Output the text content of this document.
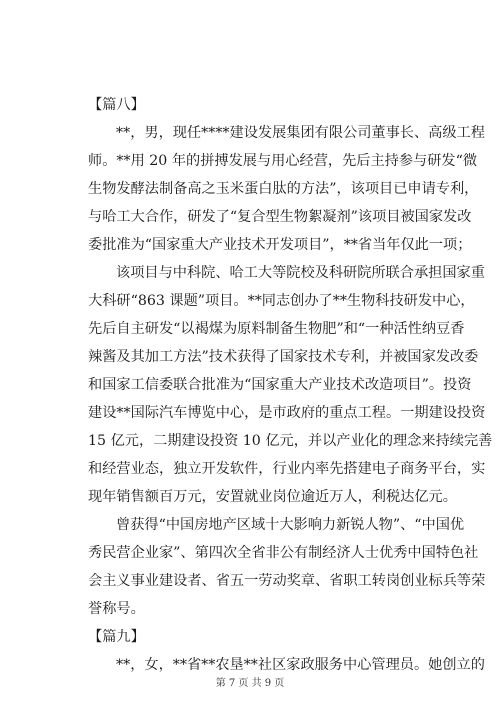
【篇八】
**，男，现任****建设发展集团有限公司董事长、高级工程
师。**用 20 年的拼搏发展与用心经营，先后主持参与研发“微
生物发酵法制备高之玉米蛋白肽的方法”，该项目已申请专利，
与哈工大合作，研发了“复合型生物絮凝剂”该项目被国家发改
委批准为“国家重大产业技术开发项目”，**省当年仅此一项；
该项目与中科院、哈工大等院校及科研院所联合承担国家重
大科研“863 课题”项目。**同志创办了**生物科技研发中心，
先后自主研发“以褐煤为原料制备生物肥”和“一种活性纳豆香
辣酱及其加工方法”技术获得了国家技术专利，并被国家发改委
和国家工信委联合批准为“国家重大产业技术改造项目”。投资
建设**国际汽车博览中心，是市政府的重点工程。一期建设投资
15 亿元，二期建设投资 10 亿元，并以产业化的理念来持续完善
和经营业态，独立开发软件，行业内率先搭建电子商务平台，实
现年销售额百万元，安置就业岗位逾近万人，利税达亿元。
曾获得“中国房地产区域十大影响力新锐人物”、“中国优
秀民营企业家”、第四次全省非公有制经济人士优秀中国特色社
会主义事业建设者、省五一劳动奖章、省职工转岗创业标兵等荣
誉称号。
【篇九】
**，女，**省**农垦**社区家政服务中心管理员。她创立的
第 7 页 共 9 页
